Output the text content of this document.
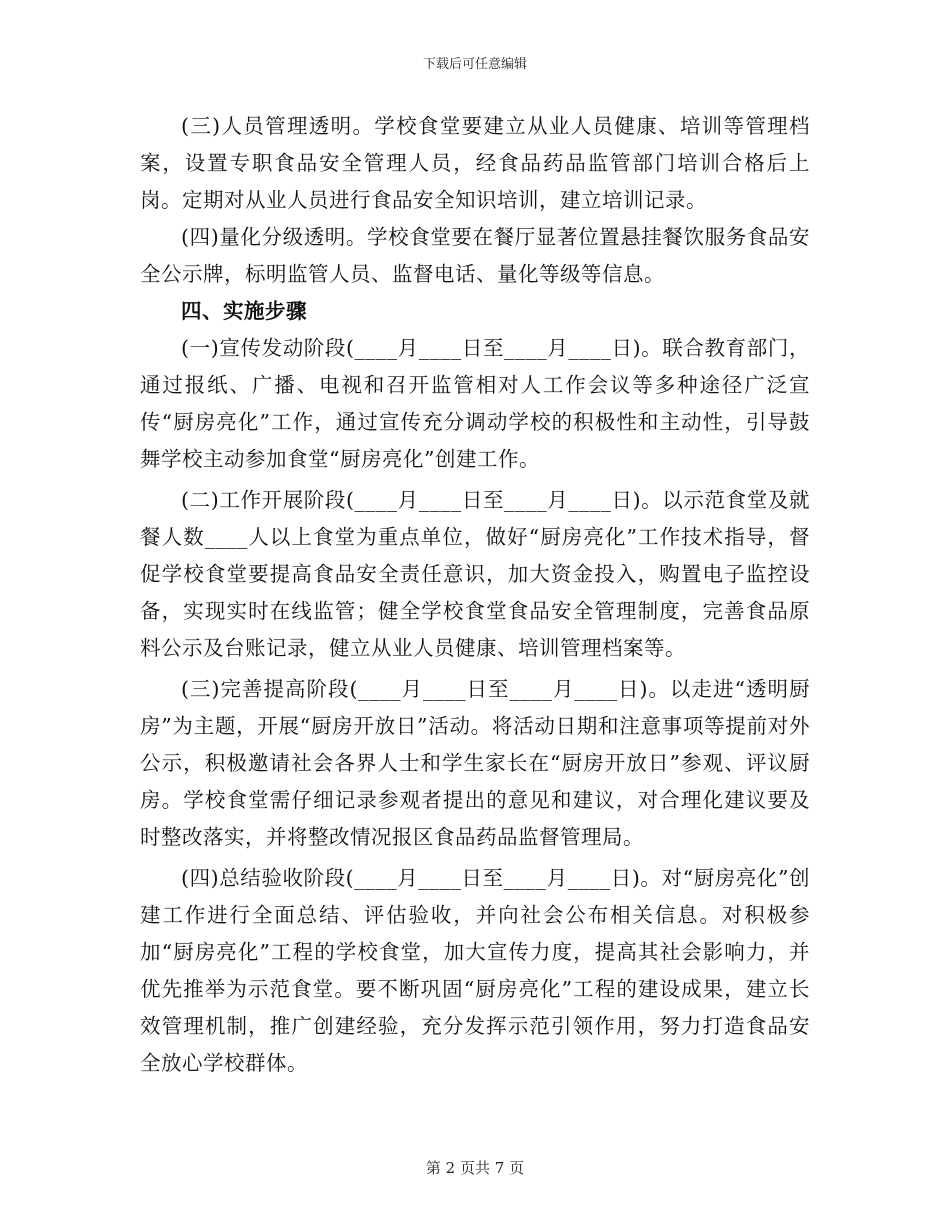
下载后可任意编辑

(三)人员管理透明。学校食堂要建立从业人员健康、培训等管理档案，设置专职食品安全管理人员，经食品药品监管部门培训合格后上岗。定期对从业人员进行食品安全知识培训，建立培训记录。

(四)量化分级透明。学校食堂要在餐厅显著位置悬挂餐饮服务食品安全公示牌，标明监管人员、监督电话、量化等级等信息。

四、实施步骤

(一)宣传发动阶段(____月____日至____月____日)。联合教育部门，通过报纸、广播、电视和召开监管相对人工作会议等多种途径广泛宣传“厨房亮化”工作，通过宣传充分调动学校的积极性和主动性，引导鼓舞学校主动参加食堂“厨房亮化”创建工作。

(二)工作开展阶段(____月____日至____月____日)。以示范食堂及就餐人数____人以上食堂为重点单位，做好“厨房亮化”工作技术指导，督促学校食堂要提高食品安全责任意识，加大资金投入，购置电子监控设备，实现实时在线监管；健全学校食堂食品安全管理制度，完善食品原料公示及台账记录，健立从业人员健康、培训管理档案等。

(三)完善提高阶段(____月____日至____月____日)。以走进“透明厨房”为主题，开展“厨房开放日”活动。将活动日期和注意事项等提前对外公示，积极邀请社会各界人士和学生家长在“厨房开放日”参观、评议厨房。学校食堂需仔细记录参观者提出的意见和建议，对合理化建议要及时整改落实，并将整改情况报区食品药品监督管理局。

(四)总结验收阶段(____月____日至____月____日)。对“厨房亮化”创建工作进行全面总结、评估验收，并向社会公布相关信息。对积极参加“厨房亮化”工程的学校食堂，加大宣传力度，提高其社会影响力，并优先推举为示范食堂。要不断巩固“厨房亮化”工程的建设成果，建立长效管理机制，推广创建经验，充分发挥示范引领作用，努力打造食品安全放心学校群体。

第 2 页共 7 页
